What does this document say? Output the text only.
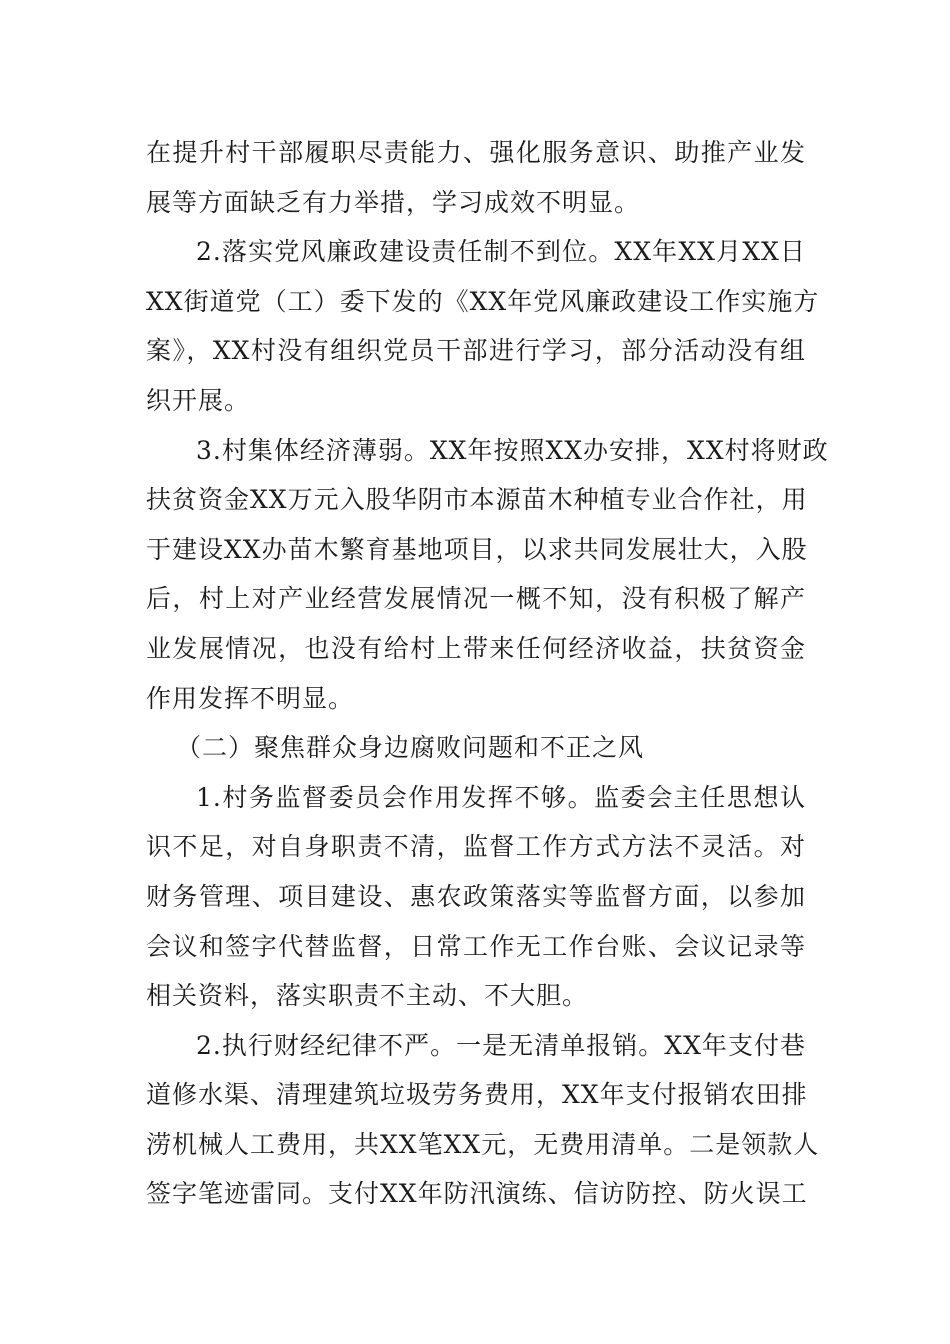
在提升村干部履职尽责能力、强化服务意识、助推产业发
展等方面缺乏有力举措，学习成效不明显。
2.落实党风廉政建设责任制不到位。XX年XX月XX日
XX街道党（工）委下发的《XX年党风廉政建设工作实施方
案》，XX村没有组织党员干部进行学习，部分活动没有组
织开展。
3.村集体经济薄弱。XX年按照XX办安排，XX村将财政
扶贫资金XX万元入股华阴市本源苗木种植专业合作社，用
于建设XX办苗木繁育基地项目，以求共同发展壮大，入股
后，村上对产业经营发展情况一概不知，没有积极了解产
业发展情况，也没有给村上带来任何经济收益，扶贫资金
作用发挥不明显。
（二）聚焦群众身边腐败问题和不正之风
1.村务监督委员会作用发挥不够。监委会主任思想认
识不足，对自身职责不清，监督工作方式方法不灵活。对
财务管理、项目建设、惠农政策落实等监督方面，以参加
会议和签字代替监督，日常工作无工作台账、会议记录等
相关资料，落实职责不主动、不大胆。
2.执行财经纪律不严。一是无清单报销。XX年支付巷
道修水渠、清理建筑垃圾劳务费用，XX年支付报销农田排
涝机械人工费用，共XX笔XX元，无费用清单。二是领款人
签字笔迹雷同。支付XX年防汛演练、信访防控、防火误工
